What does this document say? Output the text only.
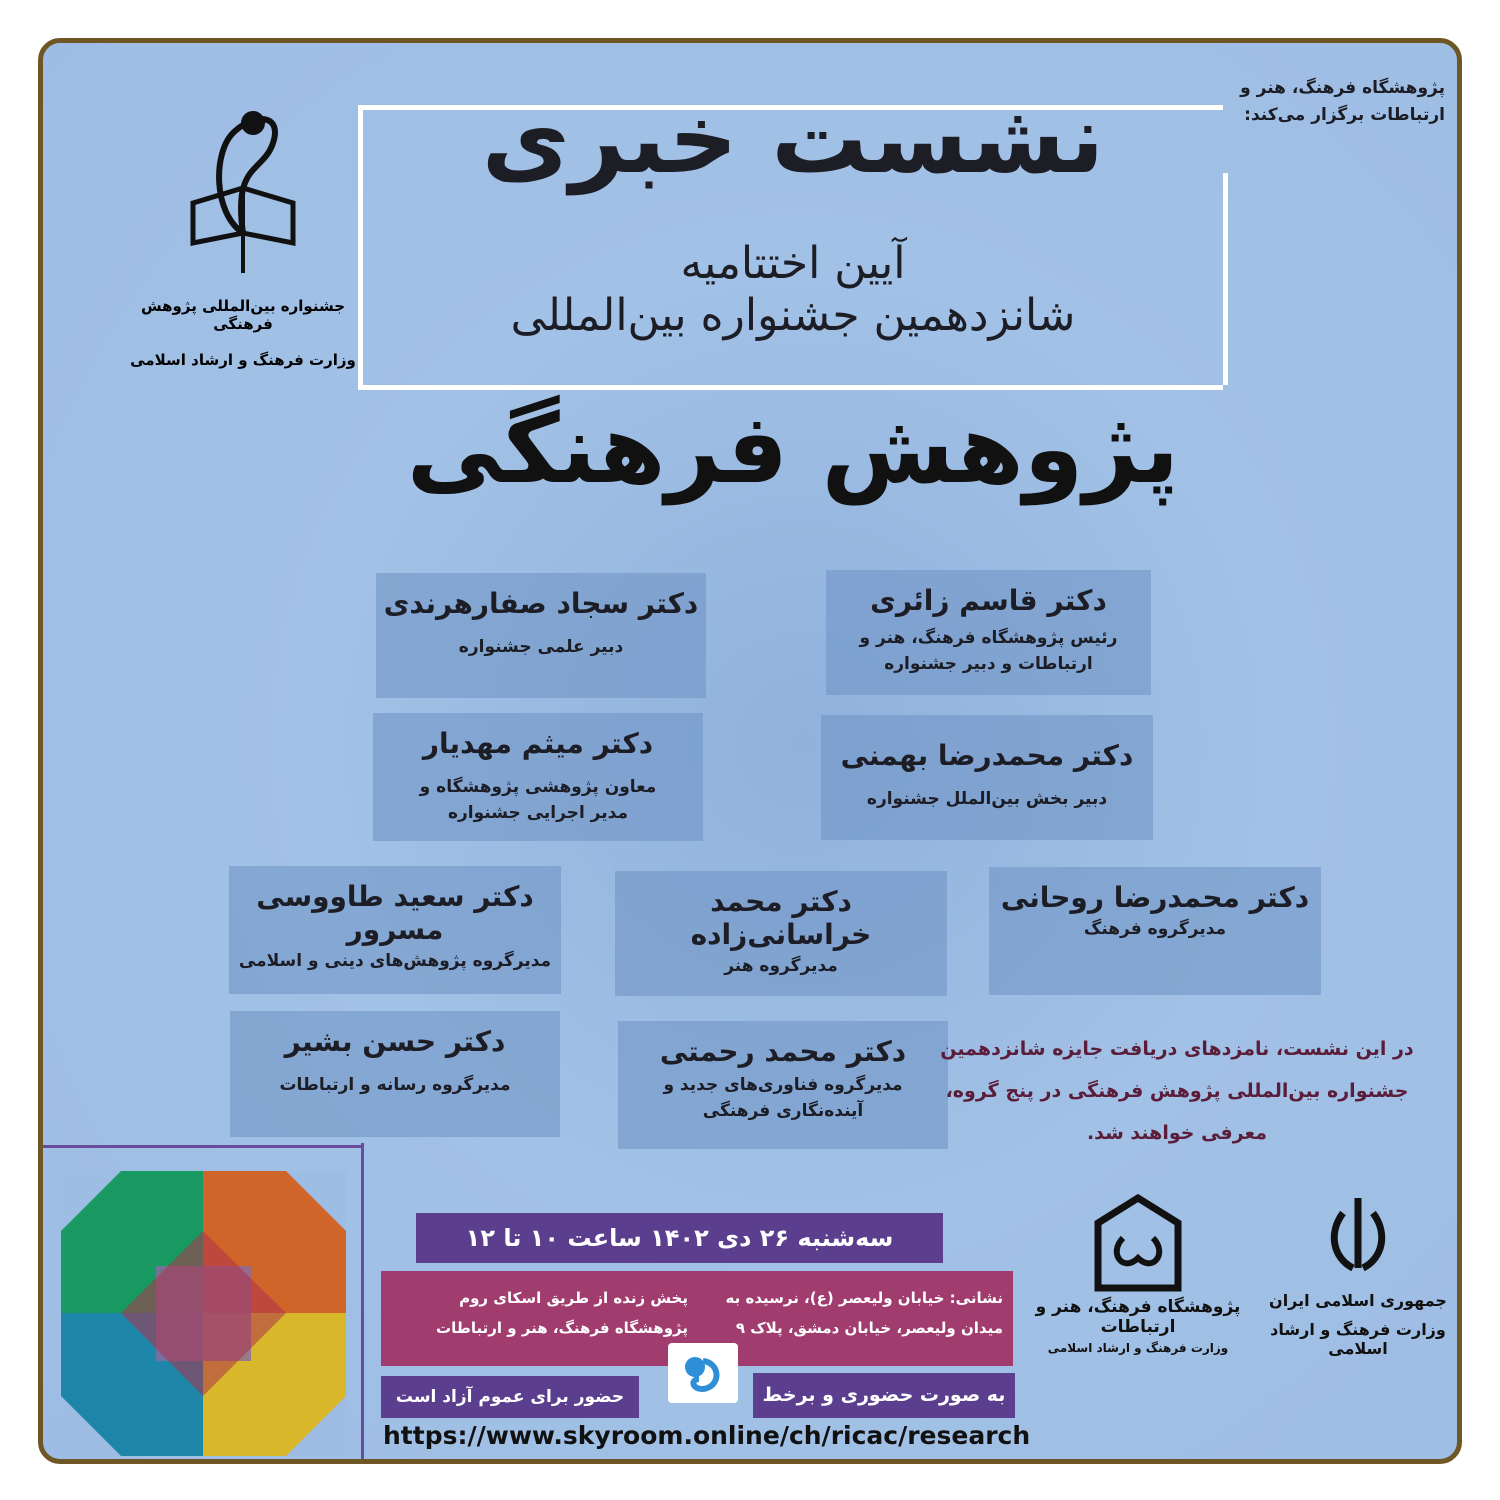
پژوهشگاه فرهنگ، هنر و ارتباطات برگزار می‌کند:
نشست خبری
آیین اختتامیه
شانزدهمین جشنواره بین‌المللی
پژوهش فرهنگی
جشنواره بین‌المللی پژوهش فرهنگی
وزارت فرهنگ و ارشاد اسلامی
دکتر قاسم زائری
رئیس پژوهشگاه فرهنگ، هنر و ارتباطات و دبیر جشنواره
دکتر سجاد صفارهرندی
دبیر علمی جشنواره
دکتر محمدرضا بهمنی
دبیر بخش بین‌الملل جشنواره
دکتر میثم مهدیار
معاون پژوهشی پژوهشگاه و مدیر اجرایی جشنواره
دکتر محمدرضا روحانی
مدیرگروه فرهنگ
دکتر محمد خراسانی‌زاده
مدیرگروه هنر
دکتر سعید طاووسی مسرور
مدیرگروه پژوهش‌های دینی و اسلامی
دکتر محمد رحمتی
مدیرگروه فناوری‌های جدید و آینده‌نگاری فرهنگی
دکتر حسن بشیر
مدیرگروه رسانه و ارتباطات
در این نشست، نامزدهای دریافت جایزه شانزدهمین جشنواره بین‌المللی پژوهش فرهنگی در پنج گروه، معرفی خواهند شد.
سه‌شنبه ۲۶ دی ۱۴۰۲ ساعت ۱۰ تا ۱۲
نشانی: خیابان ولیعصر (ع)، نرسیده به میدان ولیعصر، خیابان دمشق، پلاک ۹
پخش زنده از طریق اسکای روم پژوهشگاه فرهنگ، هنر و ارتباطات
به صورت حضوری و برخط
حضور برای عموم آزاد است
https://www.skyroom.online/ch/ricac/research
پژوهشگاه فرهنگ، هنر و ارتباطات
وزارت فرهنگ و ارشاد اسلامی
جمهوری اسلامی ایران
وزارت فرهنگ و ارشاد اسلامی
